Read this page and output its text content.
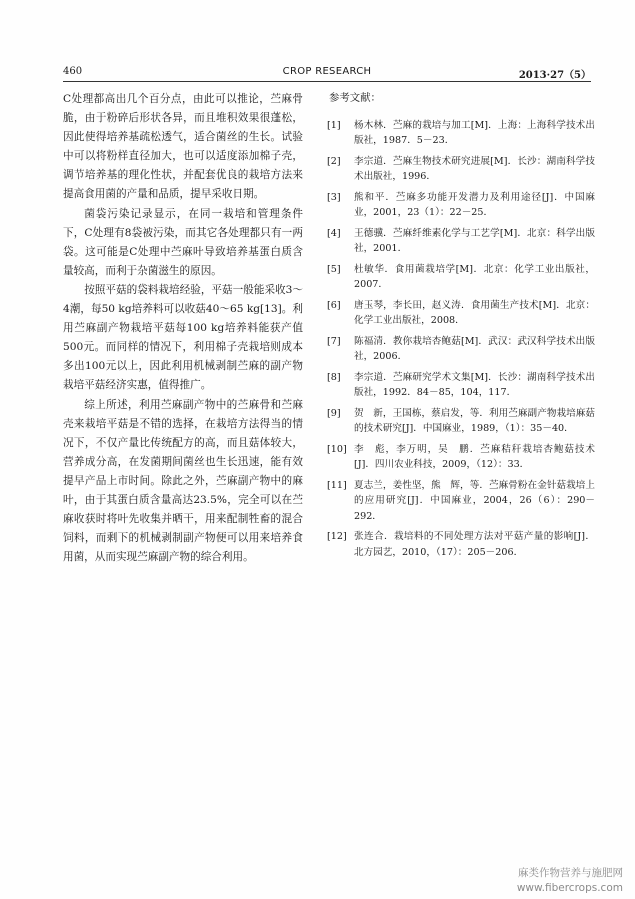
460	CROP RESEARCH	2013·27（5）

C处理都高出几个百分点，由此可以推论，苎麻骨脆，由于粉碎后形状各异，而且堆积效果很蓬松，因此使得培养基疏松透气，适合菌丝的生长。试验中可以将粉样直径加大，也可以适度添加棉子壳，调节培养基的理化性状，并配套优良的栽培方法来提高食用菌的产量和品质，提早采收日期。

菌袋污染记录显示，在同一栽培和管理条件下，C处理有8袋被污染，而其它各处理都只有一两袋。这可能是C处理中苎麻叶导致培养基蛋白质含量较高，而利于杂菌滋生的原因。

按照平菇的袋料栽培经验，平菇一般能采收3～4潮，每50 kg培养料可以收菇40～65 kg[13]。利用苎麻副产物栽培平菇每100 kg培养料能获产值500元。而同样的情况下，利用棉子壳栽培则成本多出100元以上，因此利用机械剥制苎麻的副产物栽培平菇经济实惠，值得推广。

综上所述，利用苎麻副产物中的苎麻骨和苎麻壳来栽培平菇是不错的选择，在栽培方法得当的情况下，不仅产量比传统配方的高，而且菇体较大，营养成分高，在发菌期间菌丝也生长迅速，能有效提早产品上市时间。除此之外，苎麻副产物中的麻叶，由于其蛋白质含量高达23.5%，完全可以在苎麻收获时将叶先收集并晒干，用来配制牲畜的混合饲料，而剩下的机械剥制副产物便可以用来培养食用菌，从而实现苎麻副产物的综合利用。

参考文献：
[1]	杨木林．苎麻的栽培与加工[M]．上海：上海科学技术出版社，1987．5－23．
[2]	李宗道．苎麻生物技术研究进展[M]．长沙：湖南科学技术出版社，1996．
[3]	熊和平．苎麻多功能开发潜力及利用途径[J]．中国麻业，2001，23（1）：22－25．
[4]	王德骥．苎麻纤维素化学与工艺学[M]．北京：科学出版社，2001．
[5]	杜敏华．食用菌栽培学[M]．北京：化学工业出版社，2007．
[6]	唐玉琴，李长田，赵义涛．食用菌生产技术[M]．北京：化学工业出版社，2008．
[7]	陈福清．教你栽培杏鲍菇[M]．武汉：武汉科学技术出版社，2006．
[8]	李宗道．苎麻研究学术文集[M]．长沙：湖南科学技术出版社，1992．84－85，104，117．
[9]	贺　新，王国栋，蔡启发，等．利用苎麻副产物栽培麻菇的技术研究[J]．中国麻业，1989，（1）：35－40．
[10] 李　彪，李万明，吴　鹏．苎麻秸秆栽培杏鲍菇技术[J]．四川农业科技，2009，（12）：33．
[11] 夏志兰，姜性坚，熊　辉，等．苎麻骨粉在金针菇栽培上的应用研究[J]．中国麻业，2004，26（6）：290－292．
[12] 张连合．栽培料的不同处理方法对平菇产量的影响[J]．北方园艺，2010，（17）：205－206．
麻类作物营养与施肥网
www.fibercrops.com
